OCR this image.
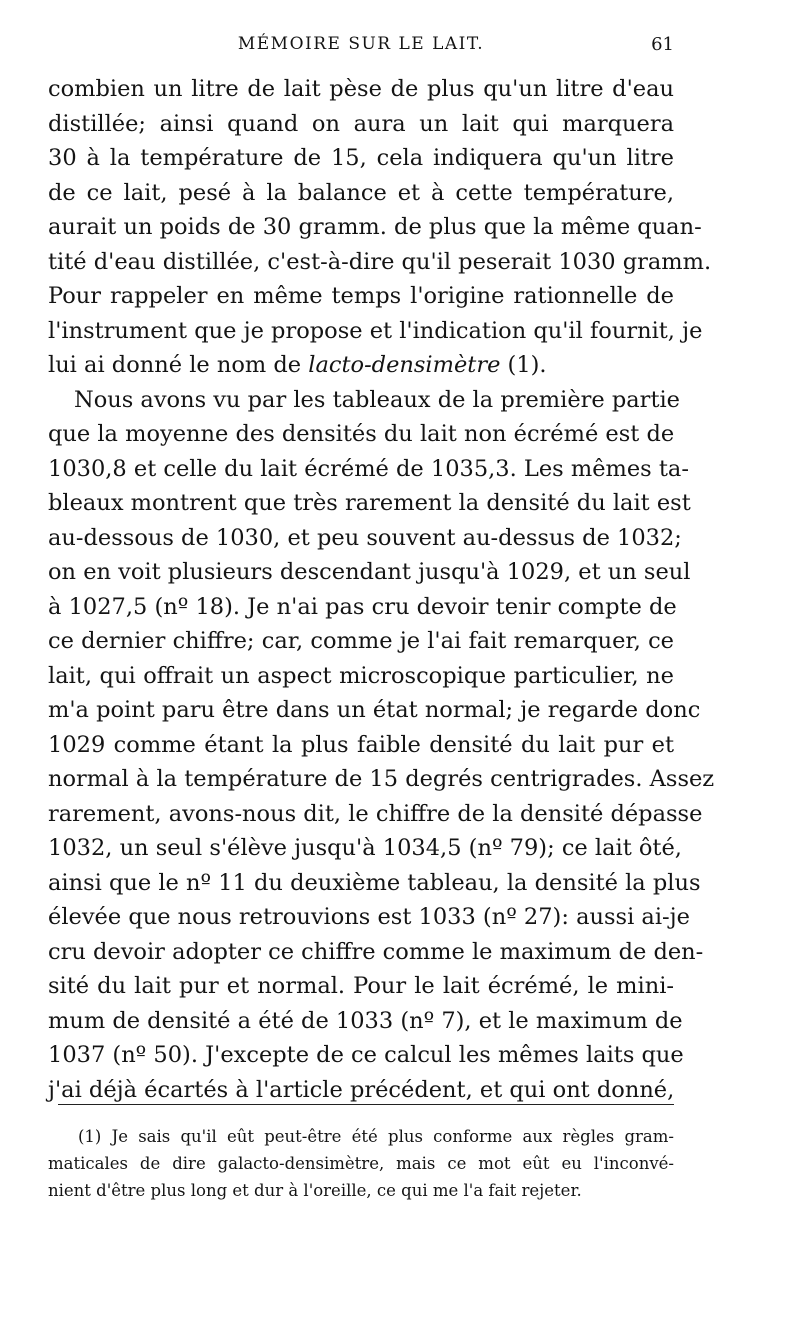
MÉMOIRE SUR LE LAIT.	61
combien un litre de lait pèse de plus qu'un litre d'eau
distillée; ainsi quand on aura un lait qui marquera
30 à la température de 15, cela indiquera qu'un litre
de ce lait, pesé à la balance et à cette température,
aurait un poids de 30 gramm. de plus que la même quan-
tité d'eau distillée, c'est-à-dire qu'il peserait 1030 gramm.
Pour rappeler en même temps l'origine rationnelle de
l'instrument que je propose et l'indication qu'il fournit, je
lui ai donné le nom de lacto-densimètre (1).
Nous avons vu par les tableaux de la première partie
que la moyenne des densités du lait non écrémé est de
1030,8 et celle du lait écrémé de 1035,3. Les mêmes ta-
bleaux montrent que très rarement la densité du lait est
au-dessous de 1030, et peu souvent au-dessus de 1032;
on en voit plusieurs descendant jusqu'à 1029, et un seul
à 1027,5 (nº 18). Je n'ai pas cru devoir tenir compte de
ce dernier chiffre; car, comme je l'ai fait remarquer, ce
lait, qui offrait un aspect microscopique particulier, ne
m'a point paru être dans un état normal; je regarde donc
1029 comme étant la plus faible densité du lait pur et
normal à la température de 15 degrés centrigrades. Assez
rarement, avons-nous dit, le chiffre de la densité dépasse
1032, un seul s'élève jusqu'à 1034,5 (nº 79); ce lait ôté,
ainsi que le nº 11 du deuxième tableau, la densité la plus
élevée que nous retrouvions est 1033 (nº 27): aussi ai-je
cru devoir adopter ce chiffre comme le maximum de den-
sité du lait pur et normal. Pour le lait écrémé, le mini-
mum de densité a été de 1033 (nº 7), et le maximum de
1037 (nº 50). J'excepte de ce calcul les mêmes laits que
j'ai déjà écartés à l'article précédent, et qui ont donné,
(1) Je sais qu'il eût peut-être été plus conforme aux règles gram-
maticales de dire galacto-densimètre, mais ce mot eût eu l'inconvé-
nient d'être plus long et dur à l'oreille, ce qui me l'a fait rejeter.
